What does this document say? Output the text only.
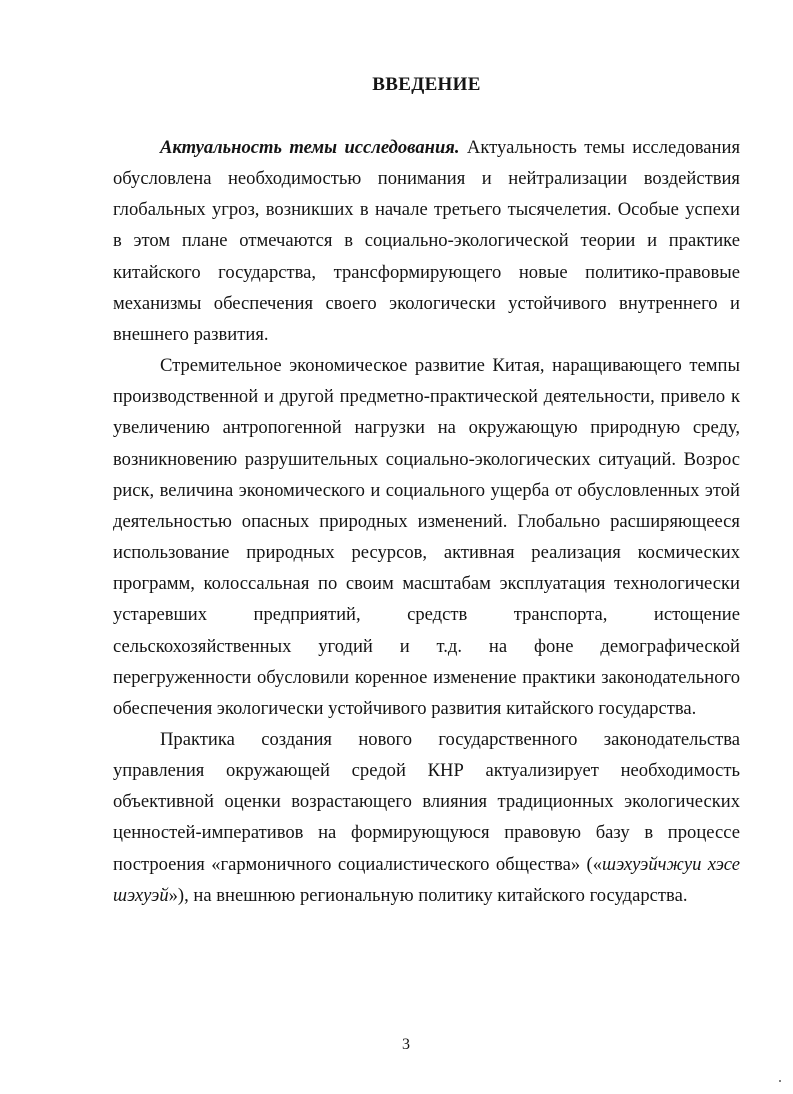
ВВЕДЕНИЕ

Актуальность темы исследования. Актуальность темы исследования обусловлена необходимостью понимания и нейтрализации воздействия глобальных угроз, возникших в начале третьего тысячелетия. Особые успехи в этом плане отмечаются в социально-экологической теории и практике китайского государства, трансформирующего новые политико-правовые механизмы обеспечения своего экологически устойчивого внутреннего и внешнего развития.

Стремительное экономическое развитие Китая, наращивающего темпы производственной и другой предметно-практической деятельности, привело к увеличению антропогенной нагрузки на окружающую природную среду, возникновению разрушительных социально-экологических ситуаций. Возрос риск, величина экономического и социального ущерба от обусловленных этой деятельностью опасных природных изменений. Глобально расширяющееся использование природных ресурсов, активная реализация космических программ, колоссальная по своим масштабам эксплуатация технологически устаревших предприятий, средств транспорта, истощение сельскохозяйственных угодий и т.д. на фоне демографической перегруженности обусловили коренное изменение практики законодательного обеспечения экологически устойчивого развития китайского государства.

Практика создания нового государственного законодательства управления окружающей средой КНР актуализирует необходимость объективной оценки возрастающего влияния традиционных экологических ценностей-императивов на формирующуюся правовую базу в процессе построения «гармоничного социалистического общества» («шэхуэйчжуи хэсе шэхуэй»), на внешнюю региональную политику китайского государства.

3
